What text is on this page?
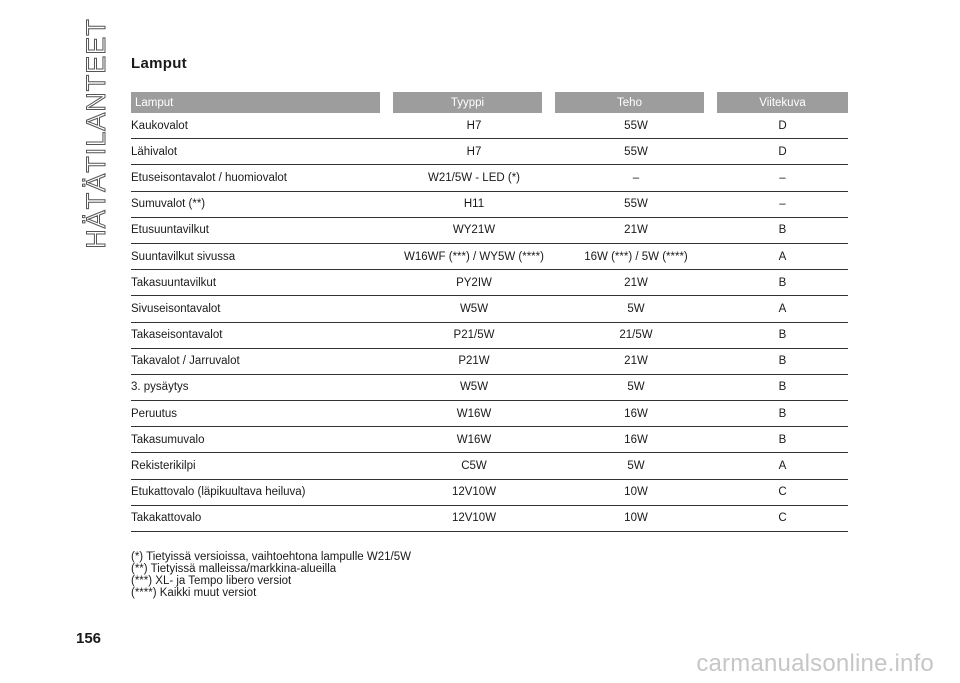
HÄTÄTILANTEET Lamput
Lamput	Tyyppi	Teho	Viitekuva
Kaukovalot	H7	55W	D
Lähivalot	H7	55W	D
Etuseisontavalot / huomiovalot	W21/5W - LED (*)	–	–
Sumuvalot (**)	H11	55W	–
Etusuuntavilkut	WY21W	21W	B
Suuntavilkut sivussa	W16WF (***) / WY5W (****)	16W (***) / 5W (****)	A
Takasuuntavilkut	PY2IW	21W	B
Sivuseisontavalot	W5W	5W	A
Takaseisontavalot	P21/5W	21/5W	B
Takavalot / Jarruvalot	P21W	21W	B
3. pysäytys	W5W	5W	B
Peruutus	W16W	16W	B
Takasumuvalo	W16W	16W	B
Rekisterikilpi	C5W	5W	A
Etukattovalo (läpikuultava heiluva)	12V10W	10W	C
Takakattovalo	12V10W	10W	C
(*) Tietyissä versioissa, vaihtoehtona lampulle W21/5W
(**) Tietyissä malleissa/markkina-alueilla
(***) XL- ja Tempo libero versiot
(****) Kaikki muut versiot
156
carmanualsonline.info
